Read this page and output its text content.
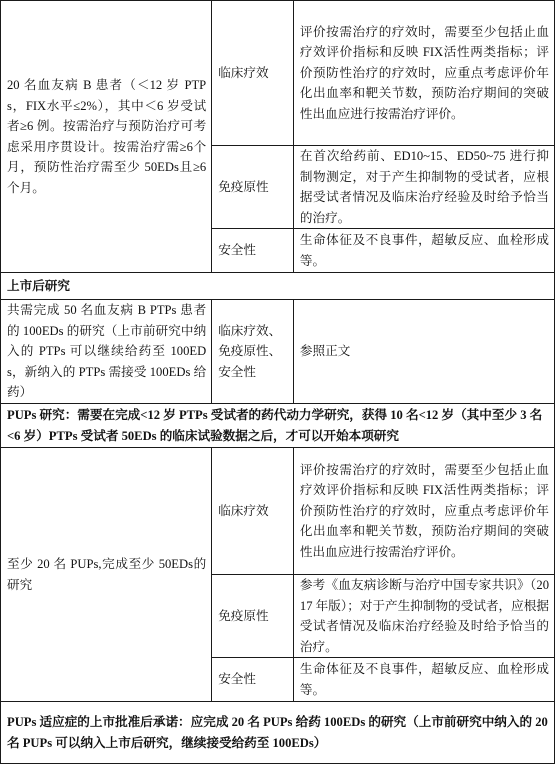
20 名血友病 B 患者（＜12 岁 PTPs，FIX水平≤2%），其中＜6 岁受试者≥6 例。按需治疗与预防治疗可考虑采用序贯设计。按需治疗需≥6个月，预防性治疗需至少 50EDs且≥6个月。	临床疗效	评价按需治疗的疗效时，需要至少包括止血疗效评价指标和反映 FIX活性两类指标；评价预防性治疗的疗效时，应重点考虑评价年化出血率和靶关节数，预防治疗期间的突破性出血应进行按需治疗评价。
	免疫原性	在首次给药前、ED10~15、ED50~75 进行抑制物测定，对于产生抑制物的受试者，应根据受试者情况及临床治疗经验及时给予恰当的治疗。
	安全性	生命体征及不良事件，超敏反应、血栓形成等。
上市后研究		
共需完成 50 名血友病 B PTPs 患者的 100EDs 的研究（上市前研究中纳入的 PTPs 可以继续给药至 100EDs，新纳入的 PTPs 需接受 100EDs 给药）	临床疗效、免疫原性、安全性	参照正文
PUPs 研究：需要在完成<12 岁 PTPs 受试者的药代动力学研究，获得 10 名<12 岁（其中至少 3 名<6 岁）PTPs 受试者 50EDs 的临床试验数据之后，才可以开始本项研究		
至少 20 名 PUPs,完成至少 50EDs的研究	临床疗效	评价按需治疗的疗效时，需要至少包括止血疗效评价指标和反映 FIX活性两类指标；评价预防性治疗的疗效时，应重点考虑评价年化出血率和靶关节数，预防治疗期间的突破性出血应进行按需治疗评价。
	免疫原性	参考《血友病诊断与治疗中国专家共识》（2017 年版）；对于产生抑制物的受试者，应根据受试者情况及临床治疗经验及时给予恰当的治疗。
	安全性	生命体征及不良事件，超敏反应、血栓形成等。
PUPs 适应症的上市批准后承诺：应完成 20 名 PUPs 给药 100EDs 的研究（上市前研究中纳入的 20 名 PUPs 可以纳入上市后研究，继续接受给药至 100EDs）		
